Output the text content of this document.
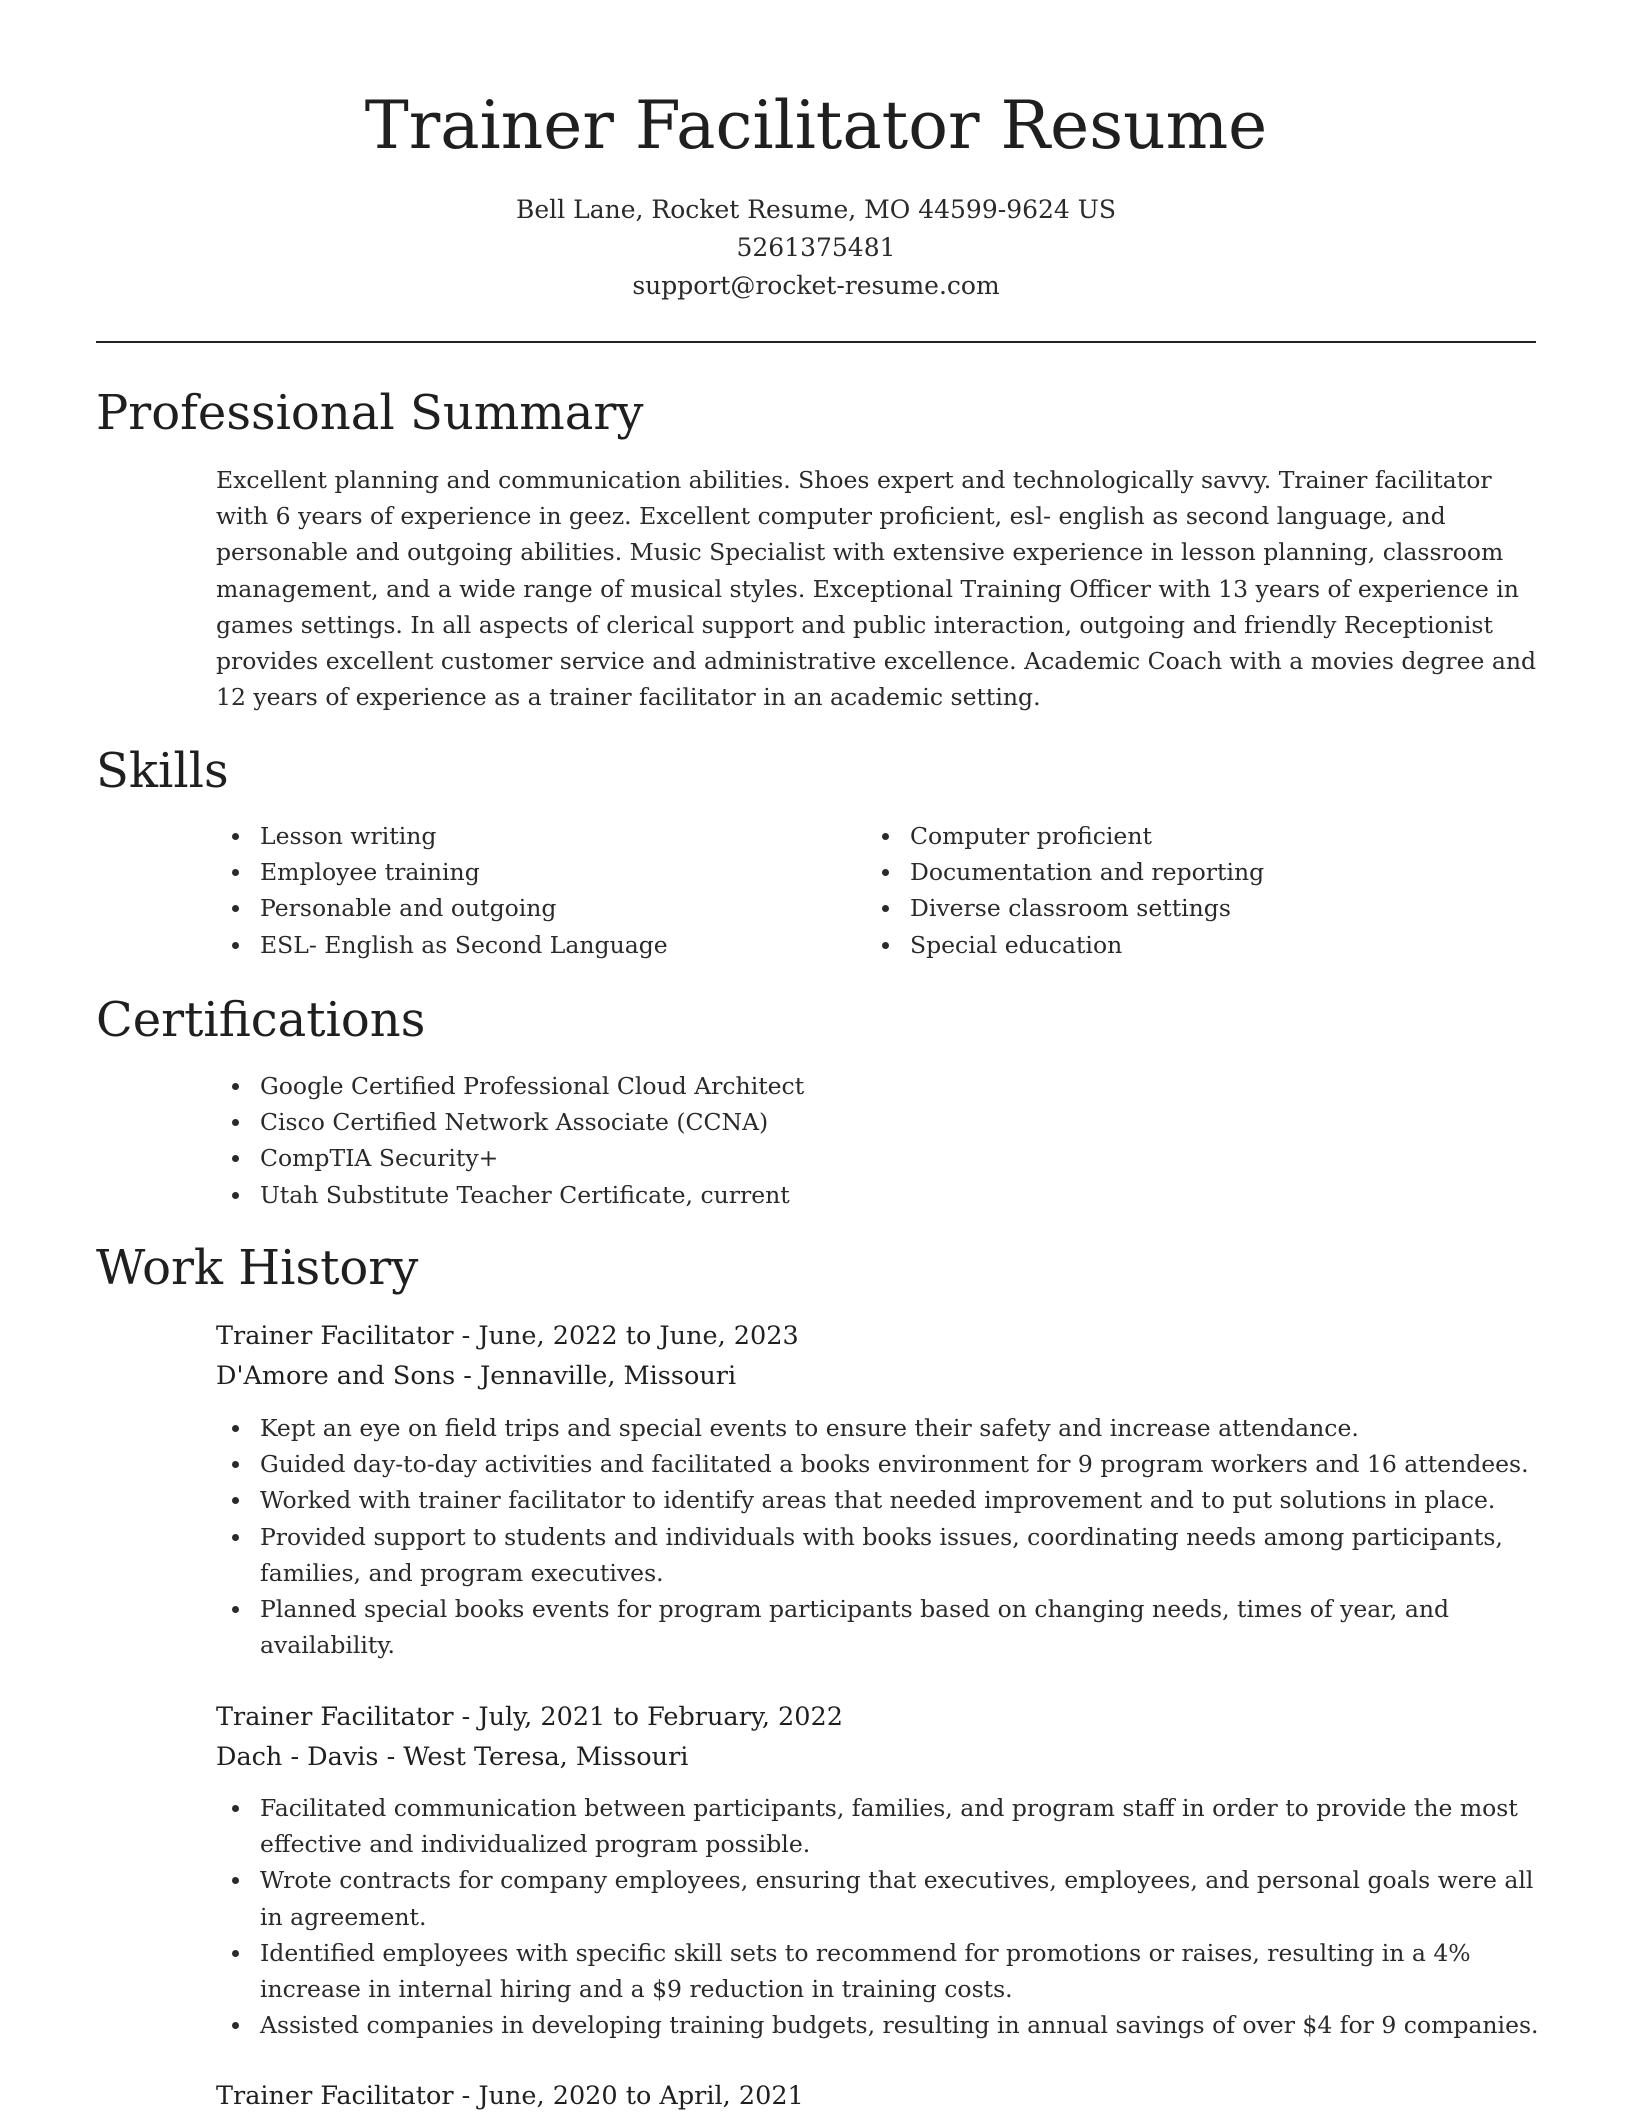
Trainer Facilitator Resume
Bell Lane, Rocket Resume, MO 44599-9624 US
5261375481
support@rocket-resume.com
Professional Summary

Excellent planning and communication abilities. Shoes expert and technologically savvy. Trainer facilitator with 6 years of experience in geez. Excellent computer proficient, esl- english as second language, and personable and outgoing abilities. Music Specialist with extensive experience in lesson planning, classroom management, and a wide range of musical styles. Exceptional Training Officer with 13 years of experience in games settings. In all aspects of clerical support and public interaction, outgoing and friendly Receptionist provides excellent customer service and administrative excellence. Academic Coach with a movies degree and 12 years of experience as a trainer facilitator in an academic setting.

Skills
Lesson writing
Employee training
Personable and outgoing
ESL- English as Second Language
Computer proficient
Documentation and reporting
Diverse classroom settings
Special education
Certifications
Google Certified Professional Cloud Architect
Cisco Certified Network Associate (CCNA)
CompTIA Security+
Utah Substitute Teacher Certificate, current
Work History
Trainer Facilitator - June, 2022 to June, 2023
D'Amore and Sons - Jennaville, Missouri
Kept an eye on field trips and special events to ensure their safety and increase attendance.
Guided day-to-day activities and facilitated a books environment for 9 program workers and 16 attendees.
Worked with trainer facilitator to identify areas that needed improvement and to put solutions in place.
Provided support to students and individuals with books issues, coordinating needs among participants, families, and program executives.
Planned special books events for program participants based on changing needs, times of year, and availability.
Trainer Facilitator - July, 2021 to February, 2022
Dach - Davis - West Teresa, Missouri
Facilitated communication between participants, families, and program staff in order to provide the most effective and individualized program possible.
Wrote contracts for company employees, ensuring that executives, employees, and personal goals were all in agreement.
Identified employees with specific skill sets to recommend for promotions or raises, resulting in a 4% increase in internal hiring and a $9 reduction in training costs.
Assisted companies in developing training budgets, resulting in annual savings of over $4 for 9 companies.
Trainer Facilitator - June, 2020 to April, 2021
